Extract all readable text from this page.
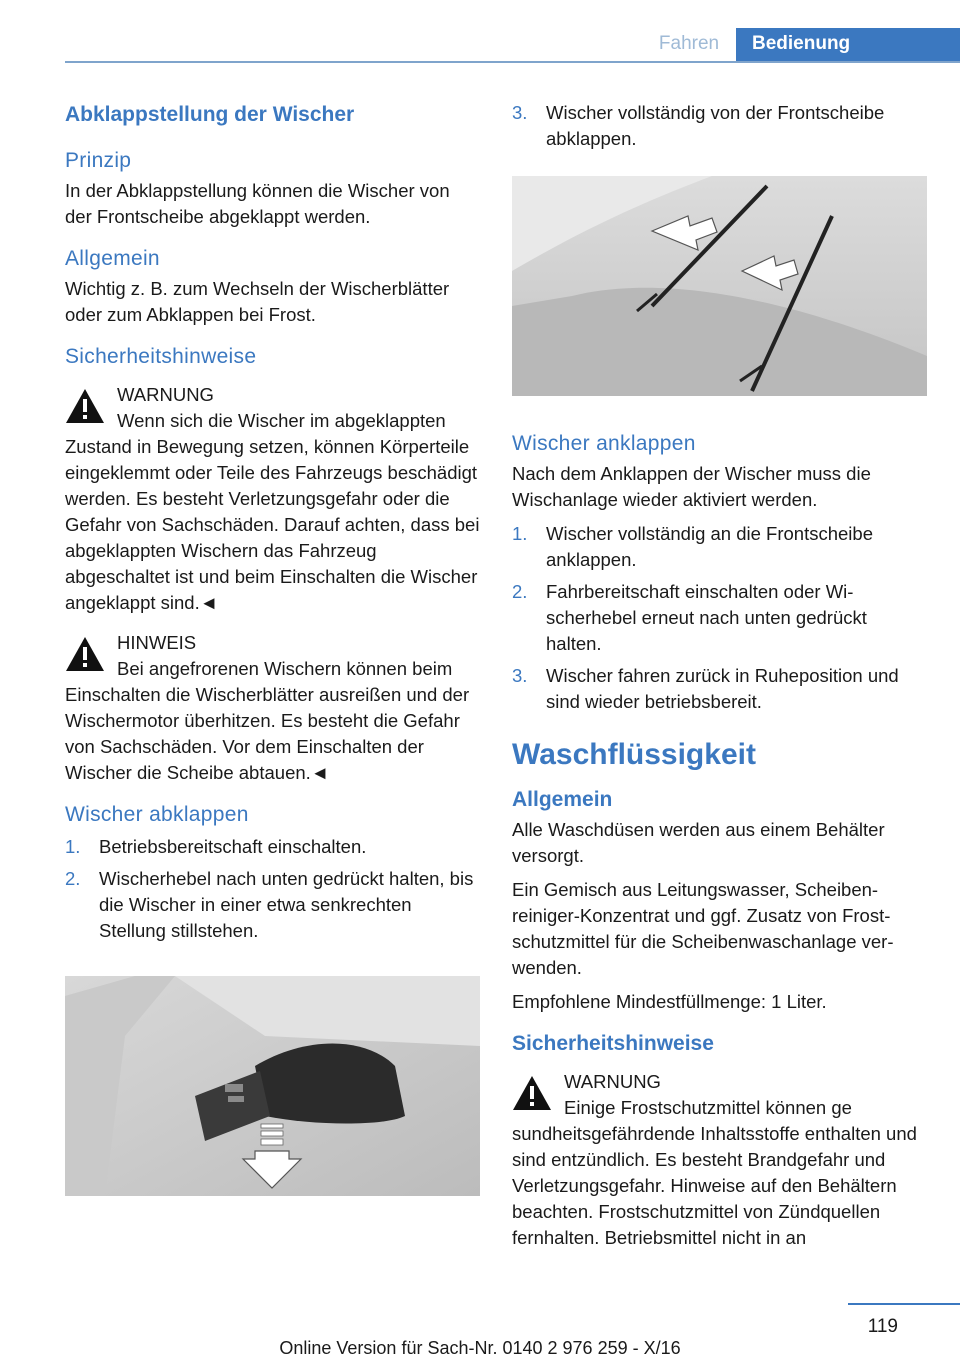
Fahren	Bedienung
Abklappstellung der Wischer
Prinzip

In der Abklappstellung können die Wischer von der Frontscheibe abgeklappt werden.

Allgemein

Wichtig z. B. zum Wechseln der Wischerblätter oder zum Abklappen bei Frost.

Sicherheitshinweise
WARNUNG
Wenn sich die Wischer im abgeklappten
Zustand in Bewegung setzen, können Körperteile eingeklemmt oder Teile des Fahrzeugs beschädigt werden. Es besteht Verletzungsgefahr oder die Gefahr von Sachschäden. Darauf achten, dass bei abgeklappten Wischern das Fahrzeug abgeschaltet ist und beim Einschalten die Wischer angeklappt sind.◄
HINWEIS
Bei angefrorenen Wischern können beim
Einschalten die Wischerblätter ausreißen und der Wischermotor überhitzen. Es besteht die Gefahr von Sachschäden. Vor dem Einschalten der Wischer die Scheibe abtauen.◄
Wischer abklappen
1. Betriebsbereitschaft einschalten.
2. Wischerhebel nach unten gedrückt halten, bis die Wischer in einer etwa senkrechten Stellung stillstehen.
3. Wischer vollständig von der Frontscheibe abklappen.
Wischer anklappen

Nach dem Anklappen der Wischer muss die Wischanlage wieder aktiviert werden.

1. Wischer vollständig an die Frontscheibe anklappen.
2. Fahrbereitschaft einschalten oder Wischerhebel erneut nach unten gedrückt halten.
3. Wischer fahren zurück in Ruheposition und sind wieder betriebsbereit.
Waschflüssigkeit
Allgemein

Alle Waschdüsen werden aus einem Behälter versorgt.

Ein Gemisch aus Leitungswasser, Scheibenreiniger-Konzentrat und ggf. Zusatz von Frostschutzmittel für die Scheibenwaschanlage verwenden.

Empfohlene Mindestfüllmenge: 1 Liter.

Sicherheitshinweise
WARNUNG
Einige Frostschutzmittel können ge
sundheitsgefährdende Inhaltsstoffe enthalten und sind entzündlich. Es besteht Brandgefahr und Verletzungsgefahr. Hinweise auf den Behältern beachten. Frostschutzmittel von Zündquellen fernhalten. Betriebsmittel nicht in an
119
Online Version für Sach-Nr. 0140 2 976 259 - X/16
